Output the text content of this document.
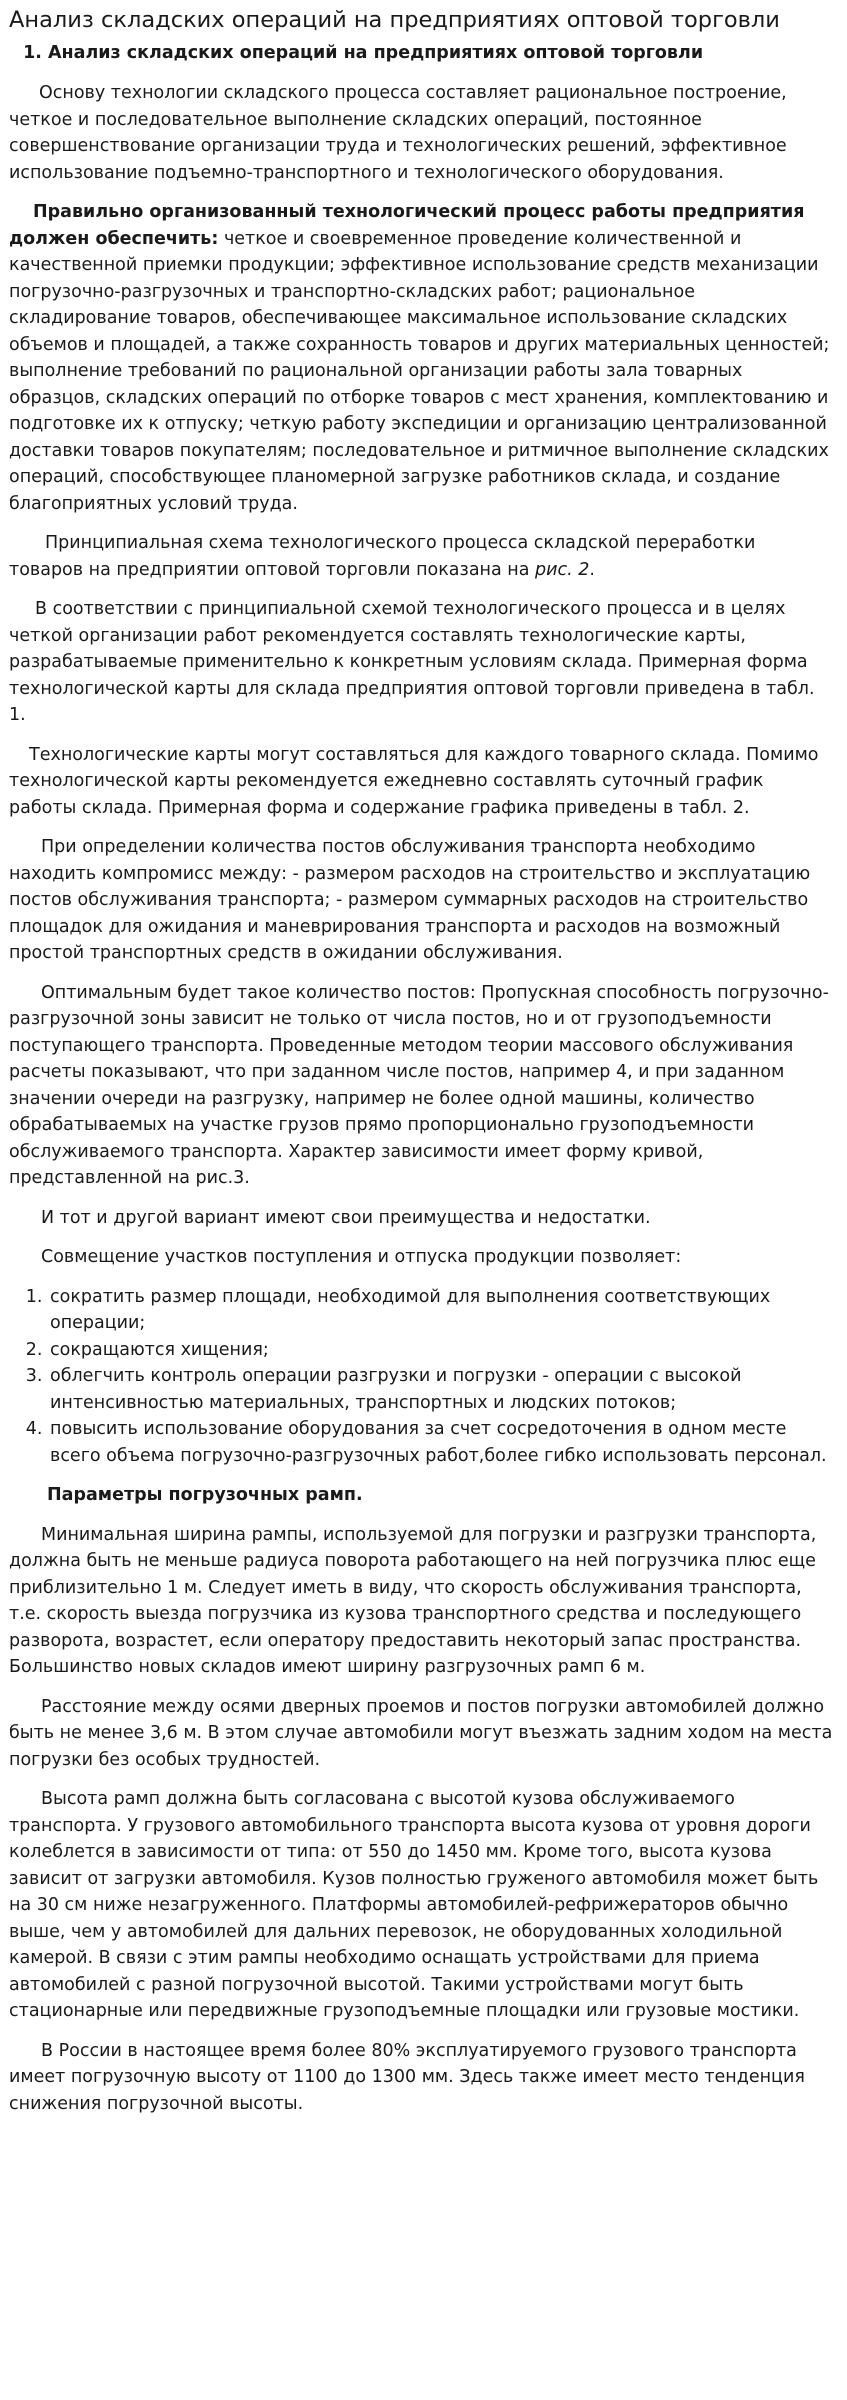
Анализ складских операций на предприятиях оптовой торговли
1. Анализ складских операций на предприятиях оптовой торговли

Основу технологии складского процесса составляет рациональное построение, четкое и последовательное выполнение складских операций, постоянное совершенствование организации труда и технологических решений, эффективное использование подъемно-транспортного и технологического оборудования.

Правильно организованный технологический процесс работы предприятия должен обеспечить: четкое и своевременное проведение количественной и качественной приемки продукции; эффективное использование средств механизации погрузочно-разгрузочных и транспортно-складских работ; рациональное складирование товаров, обеспечивающее максимальное использование складских объемов и площадей, а также сохранность товаров и других материальных ценностей; выполнение требований по рациональной организации работы зала товарных образцов, складских операций по отборке товаров с мест хранения, комплектованию и подготовке их к отпуску; четкую работу экспедиции и организацию централизованной доставки товаров покупателям; последовательное и ритмичное выполнение складских операций, способствующее планомерной загрузке работников склада, и создание благоприятных условий труда.

Принципиальная схема технологического процесса складской переработки товаров на предприятии оптовой торговли показана на рис. 2.

В соответствии с принципиальной схемой технологического процесса и в целях четкой организации работ рекомендуется составлять технологические карты, разрабатываемые применительно к конкретным условиям склада. Примерная форма технологической карты для склада предприятия оптовой торговли приведена в табл. 1.

Технологические карты могут составляться для каждого товарного склада. Помимо технологической карты рекомендуется ежедневно составлять суточный график работы склада. Примерная форма и содержание графика приведены в табл. 2.

При определении количества постов обслуживания транспорта необходимо находить компромисс между: - размером расходов на строительство и эксплуатацию постов обслуживания транспорта; - размером суммарных расходов на строительство площадок для ожидания и маневрирования транспорта и расходов на возможный простой транспортных средств в ожидании обслуживания.

Оптимальным будет такое количество постов: Пропускная способность погрузочно-разгрузочной зоны зависит не только от числа постов, но и от грузоподъемности поступающего транспорта. Проведенные методом теории массового обслуживания расчеты показывают, что при заданном числе постов, например 4, и при заданном значении очереди на разгрузку, например не более одной машины, количество обрабатываемых на участке грузов прямо пропорционально грузоподъемности обслуживаемого транспорта. Характер зависимости имеет форму кривой, представленной на рис.3.

И тот и другой вариант имеют свои преимущества и недостатки.

Совмещение участков поступления и отпуска продукции позволяет:

1. сократить размер площади, необходимой для выполнения соответствующих операции;
2. сокращаются хищения;
3. облегчить контроль операции разгрузки и погрузки - операции с высокой интенсивностью материальных, транспортных и людских потоков;
4. повысить использование оборудования за счет сосредоточения в одном месте всего объема погрузочно-разгрузочных работ,более гибко использовать персонал.

Параметры погрузочных рамп.

Минимальная ширина рампы, используемой для погрузки и разгрузки транспорта, должна быть не меньше радиуса поворота работающего на ней погрузчика плюс еще приблизительно 1 м. Следует иметь в виду, что скорость обслуживания транспорта, т.е. скорость выезда погрузчика из кузова транспортного средства и последующего разворота, возрастет, если оператору предоставить некоторый запас пространства. Большинство новых складов имеют ширину разгрузочных рамп 6 м.

Расстояние между осями дверных проемов и постов погрузки автомобилей должно быть не менее 3,6 м. В этом случае автомобили могут въезжать задним ходом на места погрузки без особых трудностей.

Высота рамп должна быть согласована с высотой кузова обслуживаемого транспорта. У грузового автомобильного транспорта высота кузова от уровня дороги колеблется в зависимости от типа: от 550 до 1450 мм. Кроме того, высота кузова зависит от загрузки автомобиля. Кузов полностью груженого автомобиля может быть на 30 см ниже незагруженного. Платформы автомобилей-рефрижераторов обычно выше, чем у автомобилей для дальних перевозок, не оборудованных холодильной камерой. В связи с этим рампы необходимо оснащать устройствами для приема автомобилей с разной погрузочной высотой. Такими устройствами могут быть стационарные или передвижные грузоподъемные площадки или грузовые мостики.

В России в настоящее время более 80% эксплуатируемого грузового транспорта имеет погрузочную высоту от 1100 до 1300 мм. Здесь также имеет место тенденция снижения погрузочной высоты.
